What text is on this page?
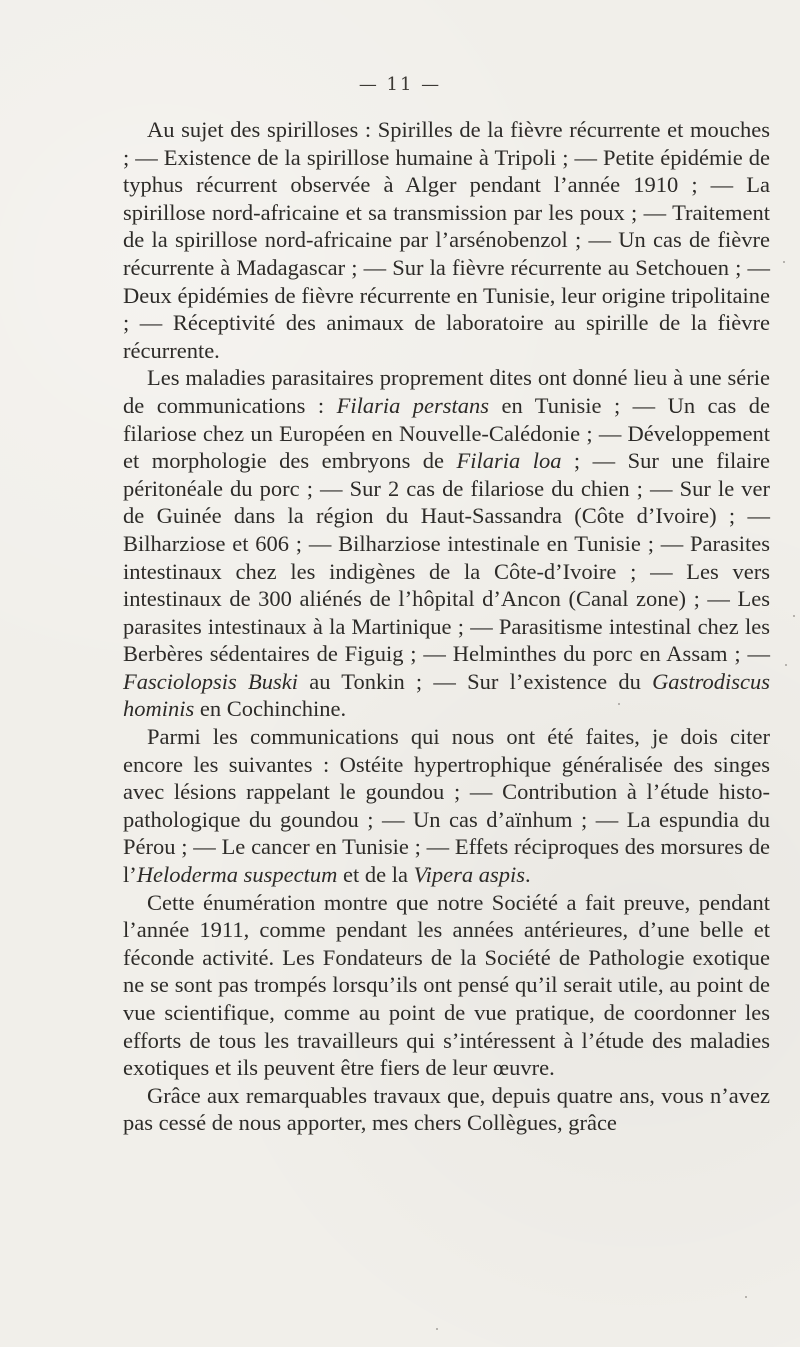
— 11 —

Au sujet des spirilloses : Spirilles de la fièvre récurrente et mouches ; — Existence de la spirillose humaine à Tripoli ; — Petite épidémie de typhus récurrent observée à Alger pendant l’année 1910 ; — La spirillose nord-africaine et sa transmission par les poux ; — Traitement de la spirillose nord-africaine par l’arsénobenzol ; — Un cas de fièvre récurrente à Madagascar ; — Sur la fièvre récurrente au Setchouen ; — Deux épidémies de fièvre récurrente en Tunisie, leur origine tripolitaine ; — Réceptivité des animaux de laboratoire au spirille de la fièvre récurrente.

Les maladies parasitaires proprement dites ont donné lieu à une série de communications : Filaria perstans en Tunisie ; — Un cas de filariose chez un Européen en Nouvelle-Calédonie ; — Développement et morphologie des embryons de Filaria loa ; — Sur une filaire péritonéale du porc ; — Sur 2 cas de filariose du chien ; — Sur le ver de Guinée dans la région du Haut-Sassandra (Côte d’Ivoire) ; — Bilharziose et 606 ; — Bilharziose intestinale en Tunisie ; — Parasites intestinaux chez les indigènes de la Côte-d’Ivoire ; — Les vers intestinaux de 300 aliénés de l’hôpital d’Ancon (Canal zone) ; — Les parasites intestinaux à la Martinique ; — Parasitisme intestinal chez les Berbères sédentaires de Figuig ; — Helminthes du porc en Assam ; — Fasciolopsis Buski au Tonkin ; — Sur l’existence du Gastrodiscus hominis en Cochinchine.

Parmi les communications qui nous ont été faites, je dois citer encore les suivantes : Ostéite hypertrophique généralisée des singes avec lésions rappelant le goundou ; — Contribution à l’étude histo-pathologique du goundou ; — Un cas d’aïnhum ; — La espundia du Pérou ; — Le cancer en Tunisie ; — Effets réciproques des morsures de l’Heloderma suspectum et de la Vipera aspis.

Cette énumération montre que notre Société a fait preuve, pendant l’année 1911, comme pendant les années antérieures, d’une belle et féconde activité. Les Fondateurs de la Société de Pathologie exotique ne se sont pas trompés lorsqu’ils ont pensé qu’il serait utile, au point de vue scientifique, comme au point de vue pratique, de coordonner les efforts de tous les travailleurs qui s’intéressent à l’étude des maladies exotiques et ils peuvent être fiers de leur œuvre.

Grâce aux remarquables travaux que, depuis quatre ans, vous n’avez pas cessé de nous apporter, mes chers Collègues, grâce
